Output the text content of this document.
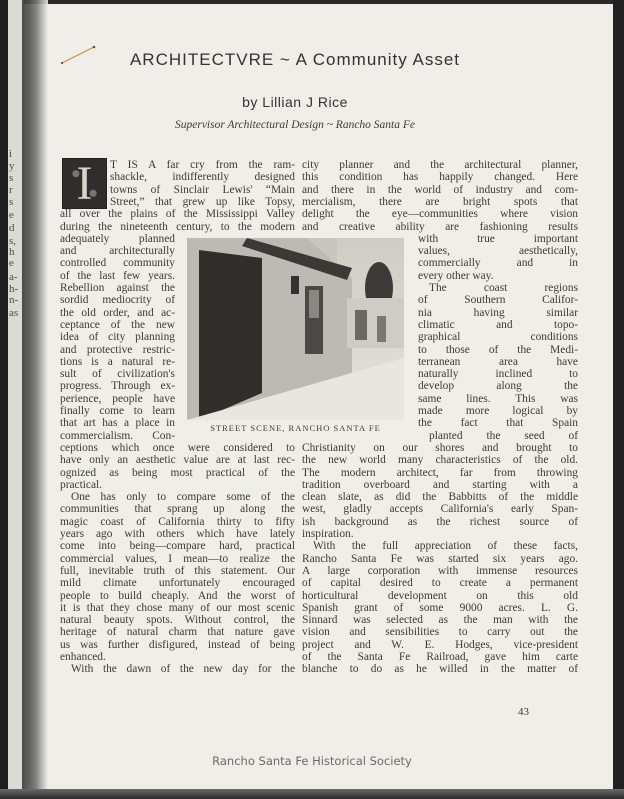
i
y
s
r
s
e
d
s,
h
e
a-
h-
n-
as
ARCHITECTVRE ~ A Community Asset
by Lillian J Rice
Supervisor Architectural Design ~ Rancho Santa Fe
I	T IS A far cry from the ram-
shackle, indifferently designed
towns of Sinclair Lewis' “Main
Street,” that grew up like Topsy,
all over the plains of the Mississippi Valley
during the nineteenth century, to the modern
adequately planned
and architecturally
controlled community
of the last few years.
Rebellion against the
sordid mediocrity of
the old order, and ac-
ceptance of the new
idea of city planning
and protective restric-
tions is a natural re-
sult of civilization's
progress. Through ex-
perience, people have
finally come to learn
that art has a place in
commercialism. Con-
ceptions which once were considered to
have only an aesthetic value are at last rec-
ognized as being most practical of the
practical.
One has only to compare some of the
communities that sprang up along the
magic coast of California thirty to fifty
years ago with others which have lately
come into being—compare hard, practical
commercial values, I mean—to realize the
full, inevitable truth of this statement. Our
mild climate unfortunately encouraged
people to build cheaply. And the worst of
it is that they chose many of our most scenic
natural beauty spots. Without control, the
heritage of natural charm that nature gave
us was further disfigured, instead of being
enhanced.
With the dawn of the new day for the
city planner and the architectural planner,
this condition has happily changed. Here
and there in the world of industry and com-
mercialism, there are bright spots that
delight the eye—communities where vision
and creative ability are fashioning results
with true important
values, aesthetically,
commercially and in
every other way.
The coast regions
of Southern Califor-
nia having similar
climatic and topo-
graphical conditions
to those of the Medi-
terranean area have
naturally inclined to
develop along the
same lines. This was
made more logical by
the fact that Spain
planted the seed of
Christianity on our shores and brought to
the new world many characteristics of the old.
The modern architect, far from throwing
tradition overboard and starting with a
clean slate, as did the Babbitts of the middle
west, gladly accepts California's early Span-
ish background as the richest source of
inspiration.
With the full appreciation of these facts,
Rancho Santa Fe was started six years ago.
A large corporation with immense resources
of capital desired to create a permanent
horticultural development on this old
Spanish grant of some 9000 acres. L. G.
Sinnard was selected as the man with the
vision and sensibilities to carry out the
project and W. E. Hodges, vice-president
of the Santa Fe Railroad, gave him carte
blanche to do as he willed in the matter of
STREET SCENE, RANCHO SANTA FE
43
Rancho Santa Fe Historical Society
